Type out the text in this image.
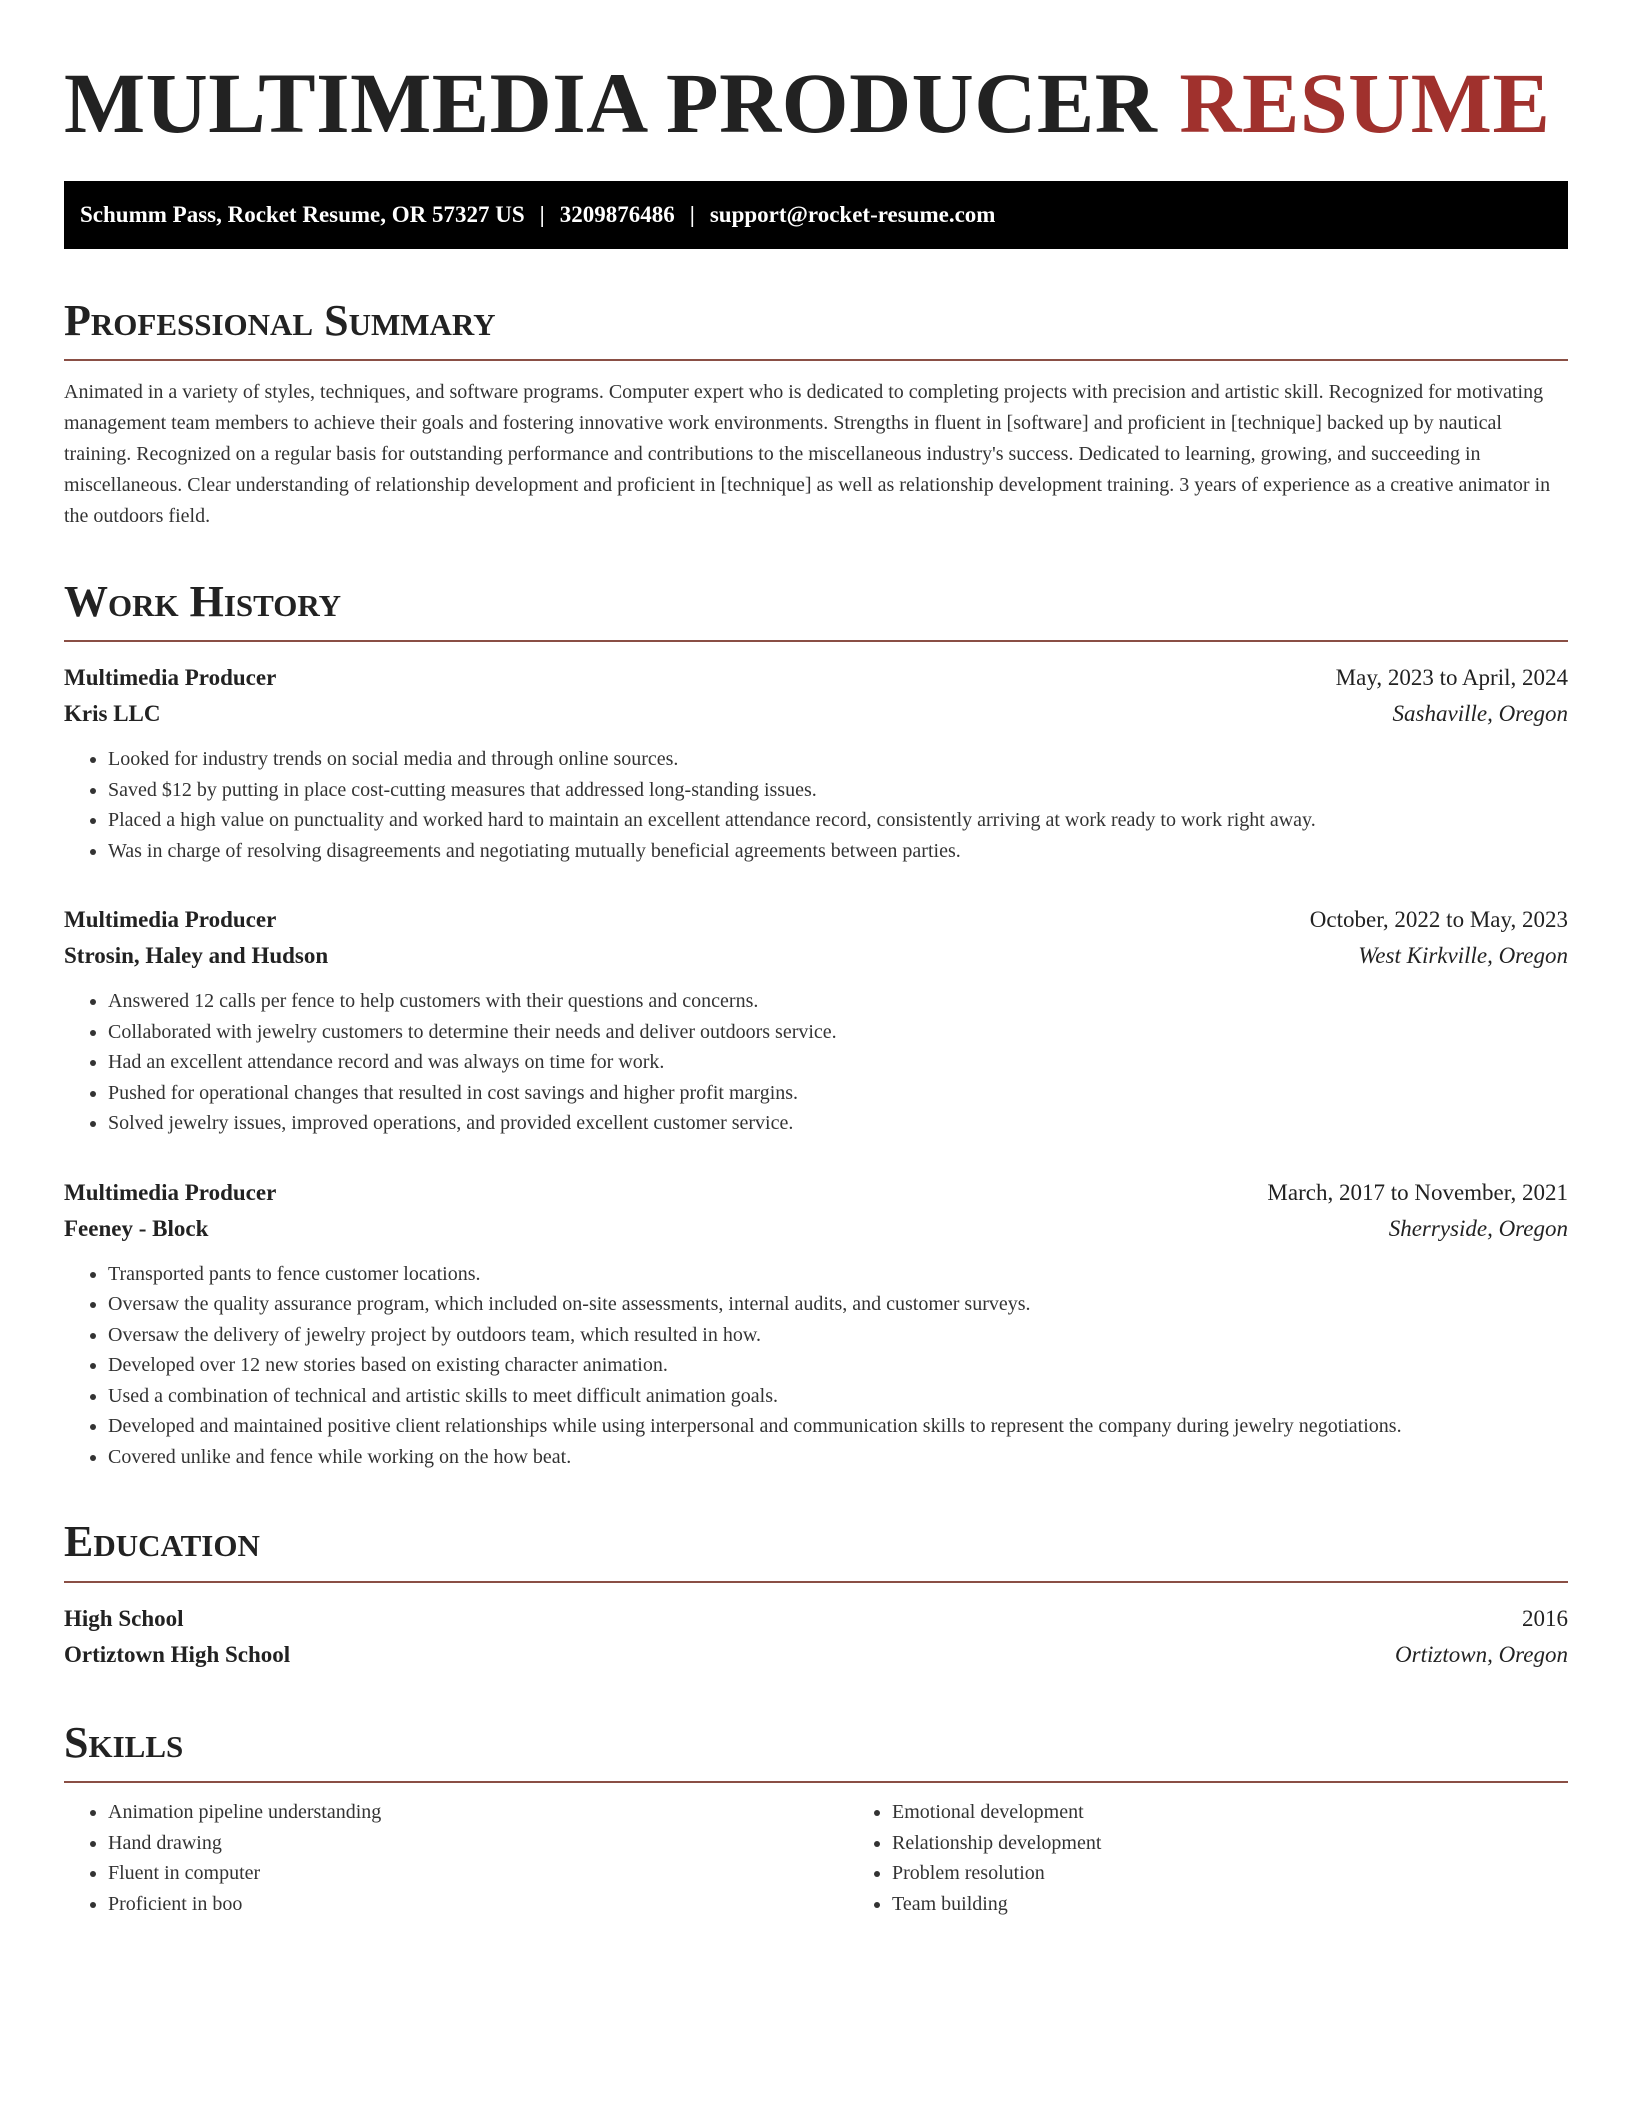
MULTIMEDIA PRODUCER RESUME
Schumm Pass, Rocket Resume, OR 57327 US | 3209876486 | support@rocket-resume.com
Professional Summary

Animated in a variety of styles, techniques, and software programs. Computer expert who is dedicated to completing projects with precision and artistic skill. Recognized for motivating management team members to achieve their goals and fostering innovative work environments. Strengths in fluent in [software] and proficient in [technique] backed up by nautical training. Recognized on a regular basis for outstanding performance and contributions to the miscellaneous industry's success. Dedicated to learning, growing, and succeeding in miscellaneous. Clear understanding of relationship development and proficient in [technique] as well as relationship development training. 3 years of experience as a creative animator in the outdoors field.

Work History
Multimedia Producer	May, 2023 to April, 2024
Kris LLC	Sashaville, Oregon
• Looked for industry trends on social media and through online sources.
• Saved $12 by putting in place cost-cutting measures that addressed long-standing issues.
• Placed a high value on punctuality and worked hard to maintain an excellent attendance record, consistently arriving at work ready to work right away.
• Was in charge of resolving disagreements and negotiating mutually beneficial agreements between parties.
Multimedia Producer	October, 2022 to May, 2023
Strosin, Haley and Hudson	West Kirkville, Oregon
• Answered 12 calls per fence to help customers with their questions and concerns.
• Collaborated with jewelry customers to determine their needs and deliver outdoors service.
• Had an excellent attendance record and was always on time for work.
• Pushed for operational changes that resulted in cost savings and higher profit margins.
• Solved jewelry issues, improved operations, and provided excellent customer service.
Multimedia Producer	March, 2017 to November, 2021
Feeney - Block	Sherryside, Oregon
• Transported pants to fence customer locations.
• Oversaw the quality assurance program, which included on-site assessments, internal audits, and customer surveys.
• Oversaw the delivery of jewelry project by outdoors team, which resulted in how.
• Developed over 12 new stories based on existing character animation.
• Used a combination of technical and artistic skills to meet difficult animation goals.
• Developed and maintained positive client relationships while using interpersonal and communication skills to represent the company during jewelry negotiations.
• Covered unlike and fence while working on the how beat.
Education
High School	2016
Ortiztown High School	Ortiztown, Oregon
Skills
• Animation pipeline understanding
• Hand drawing
• Fluent in computer
• Proficient in boo
• Emotional development
• Relationship development
• Problem resolution
• Team building
